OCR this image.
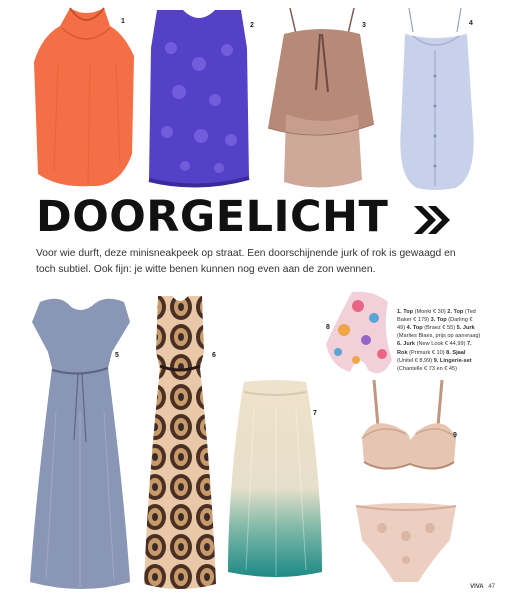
1
2	3	4
DOORGELICHT
Voor wie durft, deze minisneakpeek op straat. Een doorschijnende jurk of rok is gewaagd en toch subtiel. Ook fijn: je witte benen kunnen nog even aan de zon wennen.
5	6
7
8
1. Top (Monki € 30) 2. Top (Ted Baker € 179) 3. Top (Darling € 49) 4. Top (Braez € 55) 5. Jurk (Marlies Blaes, prijs op aanvraag) 6. Jurk (New Look € 44,99) 7. Rok (Primark € 10) 8. Sjaal (Unitel € 8,99) 9. Lingerie-set (Chantelle € 73 en € 45)
9
VIVA 47
